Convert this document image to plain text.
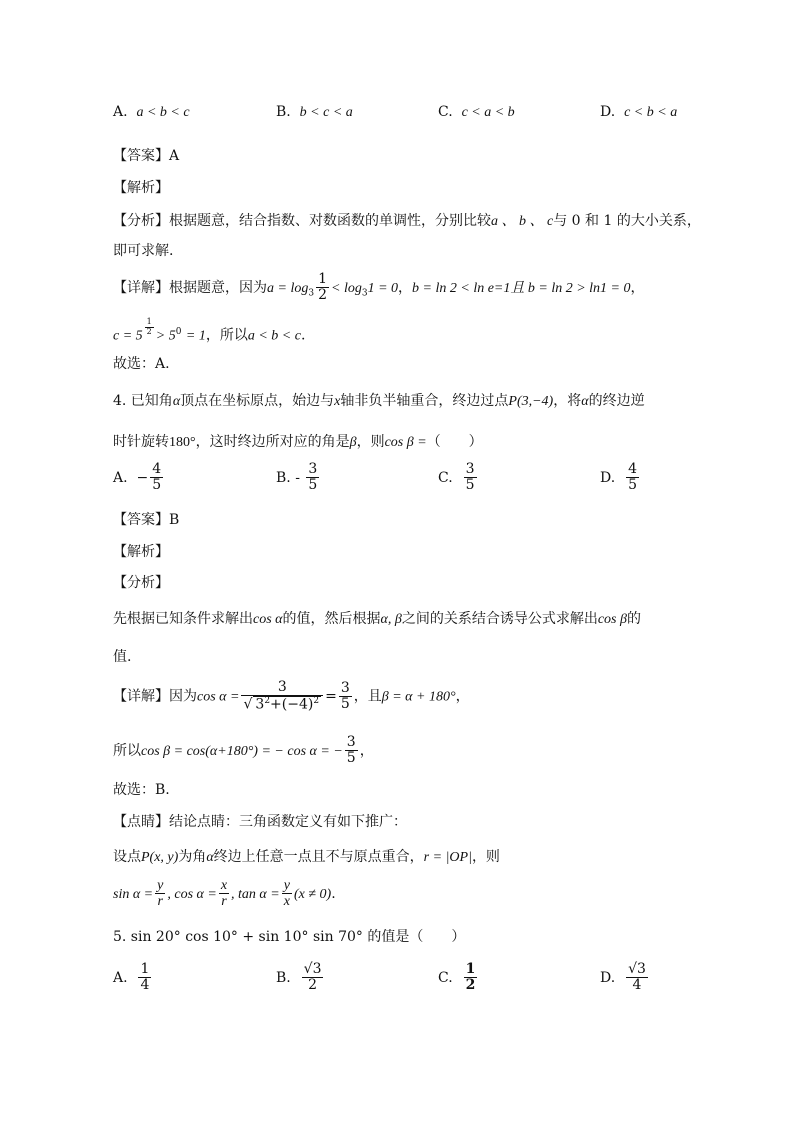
A. a < b < c	B. b < c < a	C. c < a < b	D. c < b < a
【答案】A
【解析】
【分析】根据题意，结合指数、对数函数的单调性，分别比较a 、 b 、 c与 0 和 1 的大小关系，
即可求解.
【详解】根据题意，因为$a = \log_3 \frac{1}{2} < \log_31 = 0$，b = ln 2 < ln e=1且 b = ln 2 > ln1 = 0，
c = 5 $^{\frac{1}{2}} > 5^0 = 1$，所以a < b < c.
故选：A.
4. 已知角α顶点在坐标原点，始边与x轴非负半轴重合，终边过点P(3,−4)，将α的终边逆
时针旋转180°，这时终边所对应的角是β，则cos β =（　　）
A. − $\frac{4}{5}$	B. - $\frac{3}{5}$	C. $\frac{3}{5}$	D. $\frac{4}{5}$
【答案】B
【解析】
【分析】
先根据已知条件求解出cos α的值，然后根据α, β之间的关系结合诱导公式求解出cos β的
值.
【详解】因为$\cos \alpha = \frac{3}{√ 3^2+(-4)^2} = \frac{3}{5}$ ，且β = α + 180°，
所以cos β = cos(α+180°) = − cos α = − $\frac{3}{5}$ ，
故选：B.
【点睛】结论点睛：三角函数定义有如下推广：
设点P(x, y)为角α终边上任意一点且不与原点重合，r = |OP|，则
$\sin \alpha = \frac{y}{r}$ , $\cos \alpha = \frac{x}{r}$ , $\tan \alpha = \frac{y}{x} (x \ne 0)$.
5. sin 20° cos 10° + sin 10° sin 70° 的值是（　　）
A. $\frac{1}{4}$	B. $\frac{√3}{2}$	C. $\frac{1}{2}$	D. $\frac{√3}{4}$
